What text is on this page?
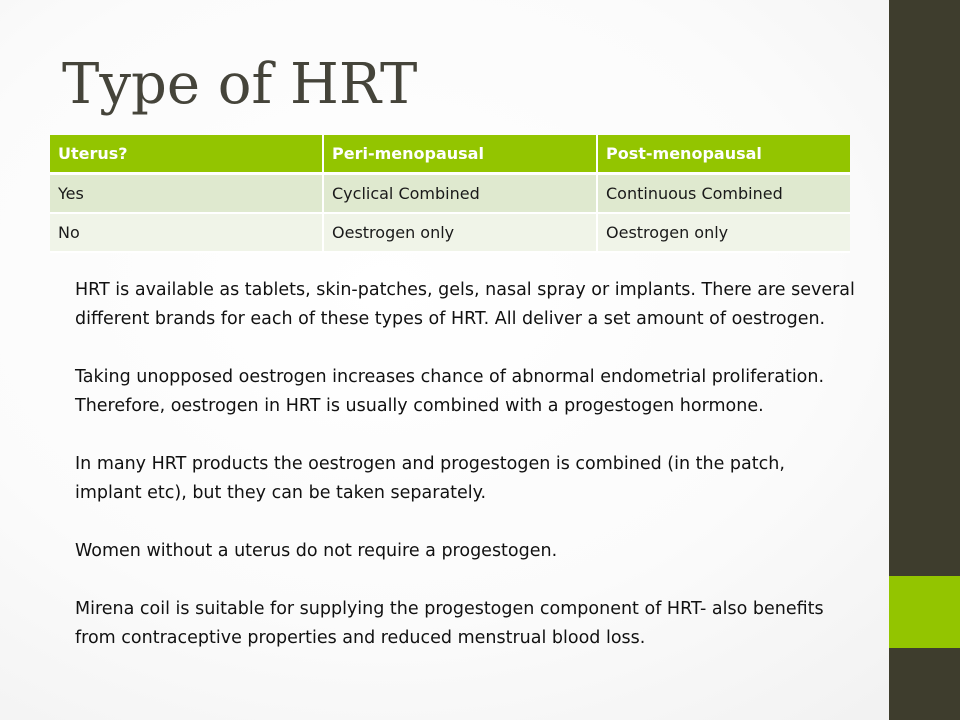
Type of HRT
Uterus?	Peri-menopausal	Post-menopausal
Yes	Cyclical Combined	Continuous Combined
No	Oestrogen only	Oestrogen only

HRT is available as tablets, skin-patches, gels, nasal spray or implants. There are several different brands for each of these types of HRT. All deliver a set amount of oestrogen.

Taking unopposed oestrogen increases chance of abnormal endometrial proliferation. Therefore, oestrogen in HRT is usually combined with a progestogen hormone.

In many HRT products the oestrogen and progestogen is combined (in the patch, implant etc), but they can be taken separately.

Women without a uterus do not require a progestogen.

Mirena coil is suitable for supplying the progestogen component of HRT- also benefits from contraceptive properties and reduced menstrual blood loss.
